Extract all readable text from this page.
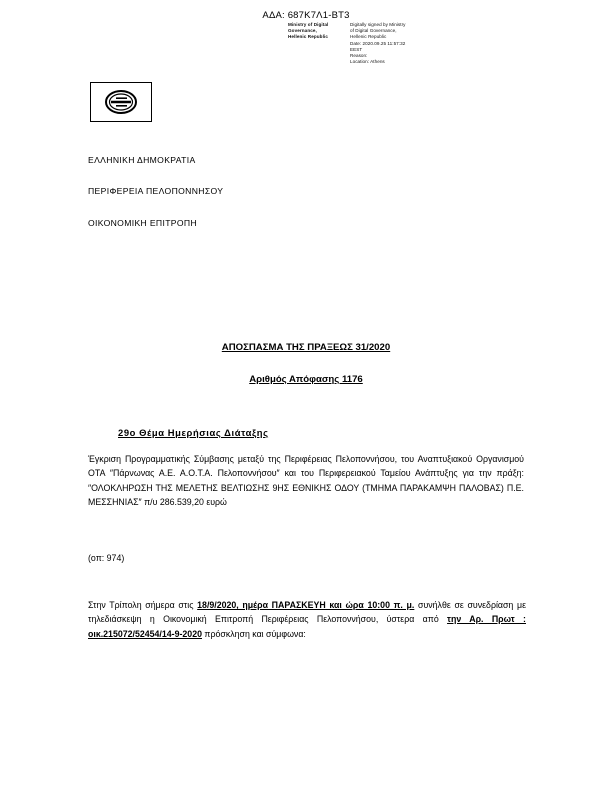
ΑΔΑ: 687Κ7Λ1-ΒΤ3
Ministry of Digital
Governance,
Hellenic Republic
Digitally signed by Ministry
of Digital Governance,
Hellenic Republic
Date: 2020.09.25 11:57:32
EEST
Reason:
Location: Athens
ΕΛΛΗΝΙΚΗ ΔΗΜΟΚΡΑΤΙΑ
ΠΕΡΙΦΕΡΕΙΑ ΠΕΛΟΠΟΝΝΗΣΟΥ
ΟΙΚΟΝΟΜΙΚΗ ΕΠΙΤΡΟΠΗ
ΑΠΟΣΠΑΣΜΑ ΤΗΣ ΠΡΑΞΕΩΣ 31/2020
Αριθμός Απόφασης 1176
29ο Θέμα Ημερήσιας Διάταξης
Έγκριση Προγραμματικής Σύμβασης μεταξύ της Περιφέρειας Πελοποννήσου, του Αναπτυξιακού Οργανισμού ΟΤΑ ″Πάρνωνας Α.Ε. Α.Ο.Τ.Α. Πελοποννήσου″ και του Περιφερειακού Ταμείου Ανάπτυξης για την πράξη: ″ΟΛΟΚΛΗΡΩΣΗ ΤΗΣ ΜΕΛΕΤΗΣ ΒΕΛΤΙΩΣΗΣ 9ΗΣ ΕΘΝΙΚΗΣ ΟΔΟΥ (ΤΜΗΜΑ ΠΑΡΑΚΑΜΨΗ ΠΑΛΟΒΑΣ) Π.Ε. ΜΕΣΣΗΝΙΑΣ″ π/υ 286.539,20 ευρώ
(οπ: 974)
Στην Τρίπολη σήμερα στις 18/9/2020, ημέρα ΠΑΡΑΣΚΕΥΗ και ώρα 10:00 π. μ. συνήλθε σε συνεδρίαση με τηλεδιάσκεψη η Οικονομική Επιτροπή Περιφέρειας Πελοποννήσου, ύστερα από την Αρ. Πρωτ : οικ.215072/52454/14-9-2020 πρόσκληση και σύμφωνα:
